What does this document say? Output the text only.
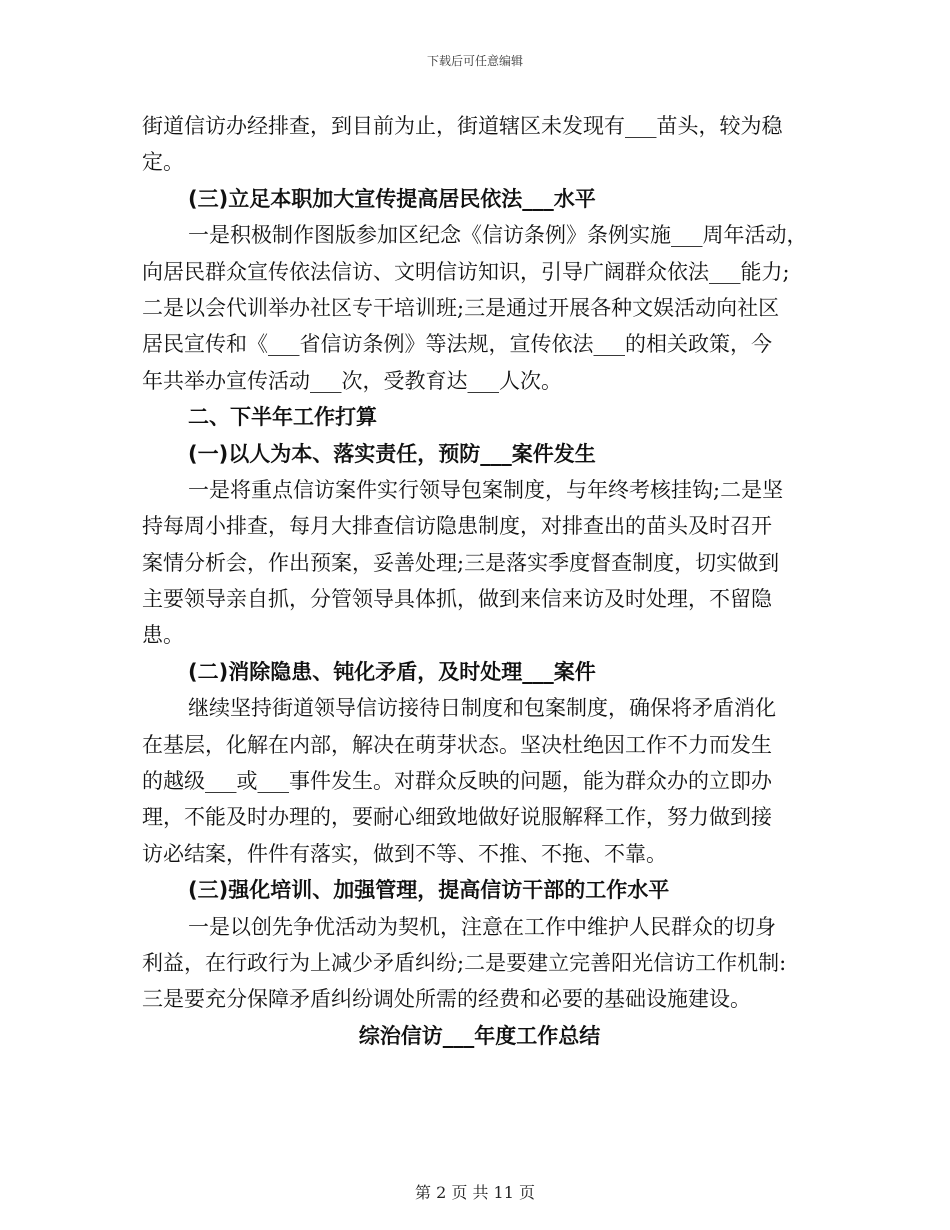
下载后可任意编辑
街道信访办经排查，到目前为止，街道辖区未发现有___苗头，较为稳
定。
(三)立足本职加大宣传提高居民依法___水平
一是积极制作图版参加区纪念《信访条例》条例实施___周年活动，
向居民群众宣传依法信访、文明信访知识，引导广阔群众依法___能力;
二是以会代训举办社区专干培训班;三是通过开展各种文娱活动向社区
居民宣传和《___省信访条例》等法规，宣传依法___的相关政策，今
年共举办宣传活动___次，受教育达___人次。
二、下半年工作打算
(一)以人为本、落实责任，预防___案件发生
一是将重点信访案件实行领导包案制度，与年终考核挂钩;二是坚
持每周小排查，每月大排查信访隐患制度，对排查出的苗头及时召开
案情分析会，作出预案，妥善处理;三是落实季度督查制度，切实做到
主要领导亲自抓，分管领导具体抓，做到来信来访及时处理，不留隐
患。
(二)消除隐患、钝化矛盾，及时处理___案件
继续坚持街道领导信访接待日制度和包案制度，确保将矛盾消化
在基层，化解在内部，解决在萌芽状态。坚决杜绝因工作不力而发生
的越级___或___事件发生。对群众反映的问题，能为群众办的立即办
理，不能及时办理的，要耐心细致地做好说服解释工作，努力做到接
访必结案，件件有落实，做到不等、不推、不拖、不靠。
(三)强化培训、加强管理，提高信访干部的工作水平
一是以创先争优活动为契机，注意在工作中维护人民群众的切身
利益，在行政行为上减少矛盾纠纷;二是要建立完善阳光信访工作机制:
三是要充分保障矛盾纠纷调处所需的经费和必要的基础设施建设。
综治信访___年度工作总结
第 2 页 共 11 页
